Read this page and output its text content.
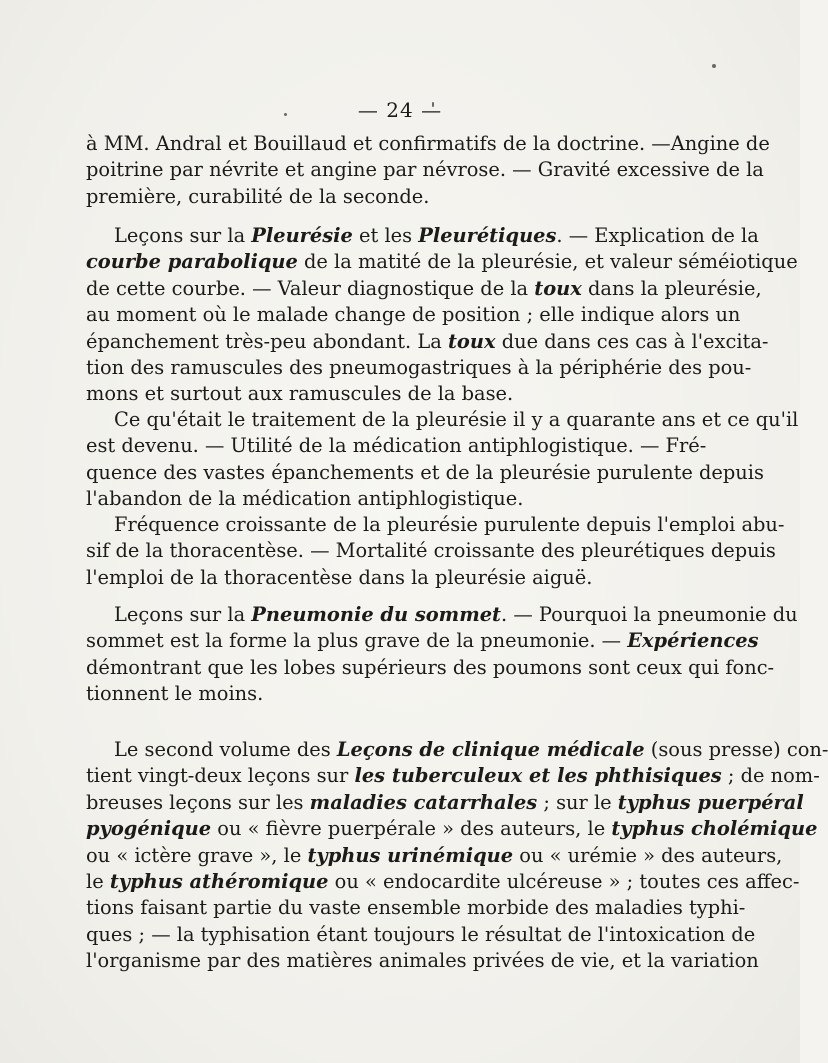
— 24 —
à MM. Andral et Bouillaud et confirmatifs de la doctrine. —Angine de
poitrine par névrite et angine par névrose. — Gravité excessive de la
première, curabilité de la seconde.
Leçons sur la Pleurésie et les Pleurétiques. — Explication de la
courbe parabolique de la matité de la pleurésie, et valeur séméiotique
de cette courbe. — Valeur diagnostique de la toux dans la pleurésie,
au moment où le malade change de position ; elle indique alors un
épanchement très-peu abondant. La toux due dans ces cas à l'excita-
tion des ramuscules des pneumogastriques à la périphérie des pou-
mons et surtout aux ramuscules de la base.
Ce qu'était le traitement de la pleurésie il y a quarante ans et ce qu'il
est devenu. — Utilité de la médication antiphlogistique. — Fré-
quence des vastes épanchements et de la pleurésie purulente depuis
l'abandon de la médication antiphlogistique.
Fréquence croissante de la pleurésie purulente depuis l'emploi abu-
sif de la thoracentèse. — Mortalité croissante des pleurétiques depuis
l'emploi de la thoracentèse dans la pleurésie aiguë.
Leçons sur la Pneumonie du sommet. — Pourquoi la pneumonie du
sommet est la forme la plus grave de la pneumonie. — Expériences
démontrant que les lobes supérieurs des poumons sont ceux qui fonc-
tionnent le moins.
Le second volume des Leçons de clinique médicale (sous presse) con-
tient vingt-deux leçons sur les tuberculeux et les phthisiques ; de nom-
breuses leçons sur les maladies catarrhales ; sur le typhus puerpéral
pyogénique ou « fièvre puerpérale » des auteurs, le typhus cholémique
ou « ictère grave », le typhus urinémique ou « urémie » des auteurs,
le typhus athéromique ou « endocardite ulcéreuse » ; toutes ces affec-
tions faisant partie du vaste ensemble morbide des maladies typhi-
ques ; — la typhisation étant toujours le résultat de l'intoxication de
l'organisme par des matières animales privées de vie, et la variation
